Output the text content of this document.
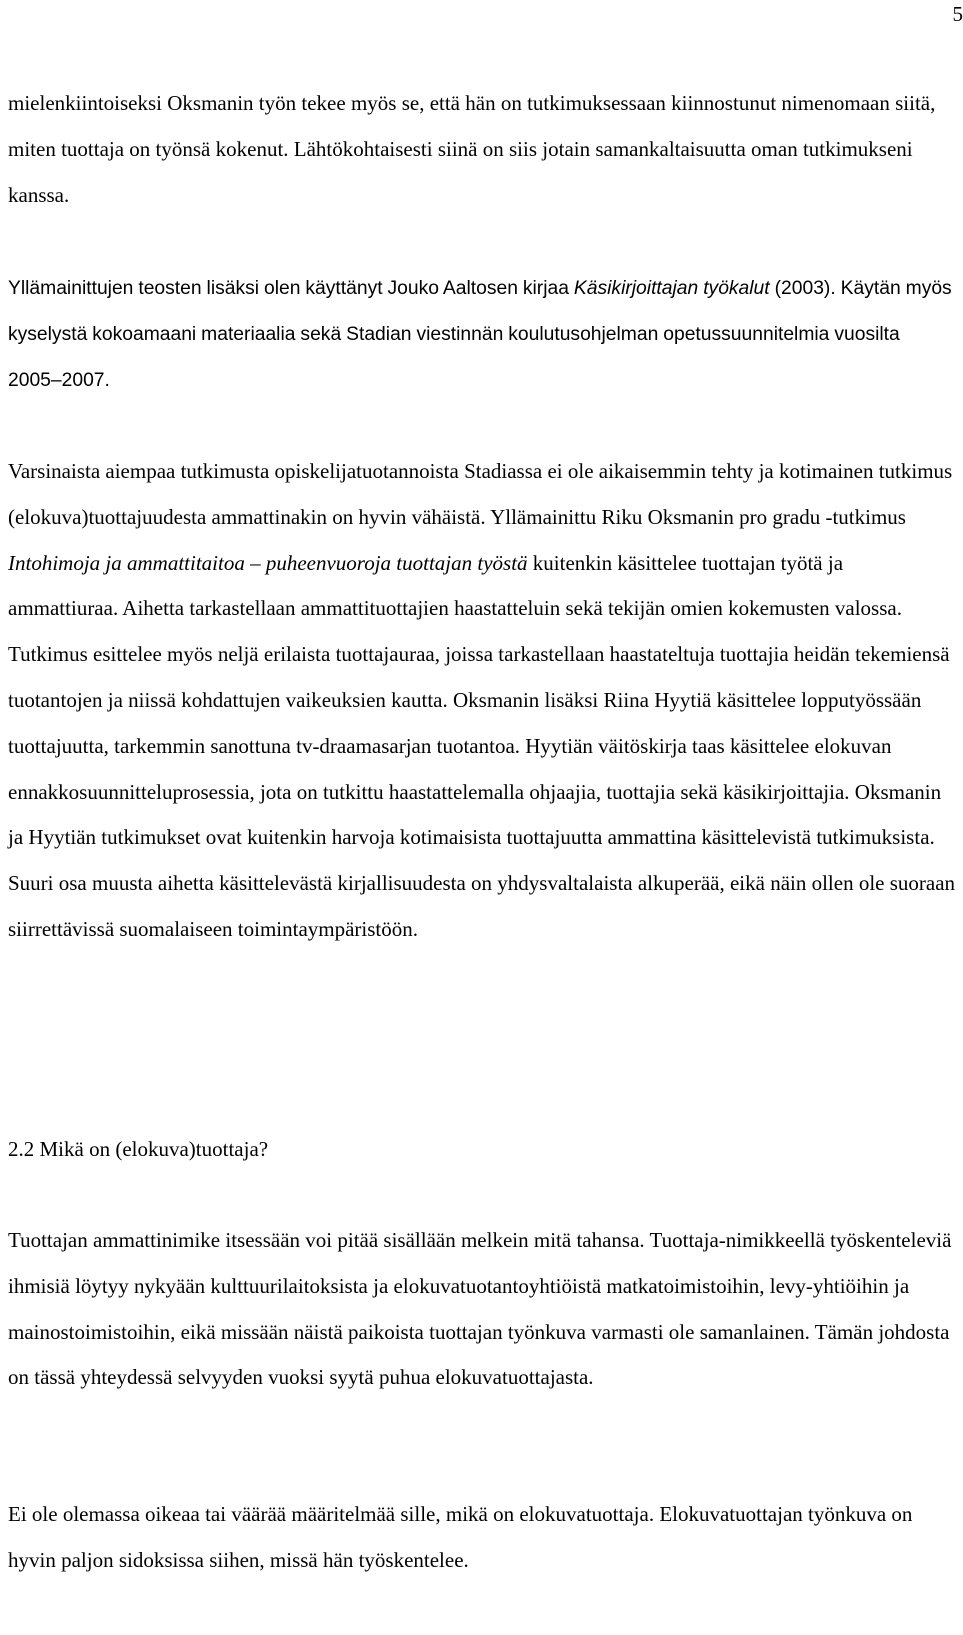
5

mielenkiintoiseksi Oksmanin työn tekee myös se, että hän on tutkimuksessaan kiinnostunut nimenomaan siitä, miten tuottaja on työnsä kokenut. Lähtökohtaisesti siinä on siis jotain samankaltaisuutta oman tutkimukseni kanssa.

Yllämainittujen teosten lisäksi olen käyttänyt Jouko Aaltosen kirjaa Käsikirjoittajan työkalut (2003). Käytän myös kyselystä kokoamaani materiaalia sekä Stadian viestinnän koulutusohjelman opetussuunnitelmia vuosilta 2005–2007.

Varsinaista aiempaa tutkimusta opiskelijatuotannoista Stadiassa ei ole aikaisemmin tehty ja kotimainen tutkimus (elokuva)tuottajuudesta ammattinakin on hyvin vähäistä. Yllämainittu Riku Oksmanin pro gradu -tutkimus Intohimoja ja ammattitaitoa – puheenvuoroja tuottajan työstä kuitenkin käsittelee tuottajan työtä ja ammattiuraa. Aihetta tarkastellaan ammattituottajien haastatteluin sekä tekijän omien kokemusten valossa. Tutkimus esittelee myös neljä erilaista tuottajauraa, joissa tarkastellaan haastateltuja tuottajia heidän tekemiensä tuotantojen ja niissä kohdattujen vaikeuksien kautta. Oksmanin lisäksi Riina Hyytiä käsittelee lopputyössään tuottajuutta, tarkemmin sanottuna tv-draamasarjan tuotantoa. Hyytiän väitöskirja taas käsittelee elokuvan ennakkosuunnitteluprosessia, jota on tutkittu haastattelemalla ohjaajia, tuottajia sekä käsikirjoittajia. Oksmanin ja Hyytiän tutkimukset ovat kuitenkin harvoja kotimaisista tuottajuutta ammattina käsittelevistä tutkimuksista. Suuri osa muusta aihetta käsittelevästä kirjallisuudesta on yhdysvaltalaista alkuperää, eikä näin ollen ole suoraan siirrettävissä suomalaiseen toimintaympäristöön.

2.2 Mikä on (elokuva)tuottaja?

Tuottajan ammattinimike itsessään voi pitää sisällään melkein mitä tahansa. Tuottaja-nimikkeellä työskenteleviä ihmisiä löytyy nykyään kulttuurilaitoksista ja elokuvatuotantoyhtiöistä matkatoimistoihin, levy-yhtiöihin ja mainostoimistoihin, eikä missään näistä paikoista tuottajan työnkuva varmasti ole samanlainen. Tämän johdosta on tässä yhteydessä selvyyden vuoksi syytä puhua elokuvatuottajasta.

Ei ole olemassa oikeaa tai väärää määritelmää sille, mikä on elokuvatuottaja. Elokuvatuottajan työnkuva on hyvin paljon sidoksissa siihen, missä hän työskentelee.
